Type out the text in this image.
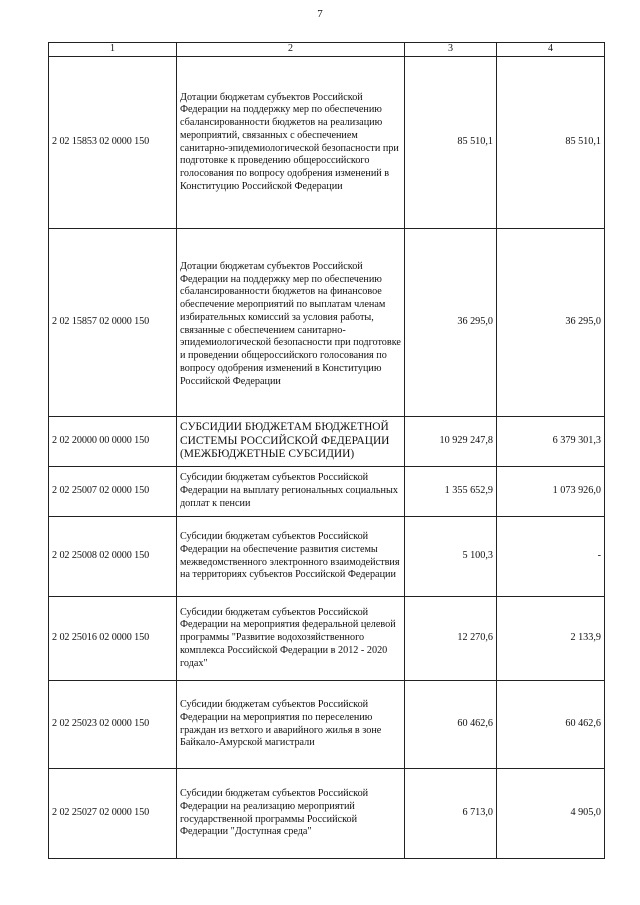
7
1	2	3	4
2 02 15853 02 0000 150	Дотации бюджетам субъектов Российской Федерации на поддержку мер по обеспечению сбалансированности бюджетов на реализацию мероприятий, связанных с обеспечением санитарно-эпидемиологической безопасности при подготовке к проведению общероссийского голосования по вопросу одобрения изменений в Конституцию Российской Федерации	85 510,1	85 510,1
2 02 15857 02 0000 150	Дотации бюджетам субъектов Российской Федерации на поддержку мер по обеспечению сбалансированности бюджетов на финансовое обеспечение мероприятий по выплатам членам избирательных комиссий за условия работы, связанные с обеспечением санитарно-эпидемиологической безопасности при подготовке и проведении общероссийского голосования по вопросу одобрения изменений в Конституцию Российской Федерации	36 295,0	36 295,0
2 02 20000 00 0000 150	СУБСИДИИ БЮДЖЕТАМ БЮДЖЕТНОЙ СИСТЕМЫ РОССИЙСКОЙ ФЕДЕРАЦИИ (МЕЖБЮДЖЕТНЫЕ СУБСИДИИ)	10 929 247,8	6 379 301,3
2 02 25007 02 0000 150	Субсидии бюджетам субъектов Российской Федерации на выплату региональных социальных доплат к пенсии	1 355 652,9	1 073 926,0
2 02 25008 02 0000 150	Субсидии бюджетам субъектов Российской Федерации на обеспечение развития системы межведомственного электронного взаимодействия на территориях субъектов Российской Федерации	5 100,3	-
2 02 25016 02 0000 150	Субсидии бюджетам субъектов Российской Федерации на мероприятия федеральной целевой программы "Развитие водохозяйственного комплекса Российской Федерации в 2012 - 2020 годах"	12 270,6	2 133,9
2 02 25023 02 0000 150	Субсидии бюджетам субъектов Российской Федерации на мероприятия по переселению граждан из ветхого и аварийного жилья в зоне Байкало-Амурской магистрали	60 462,6	60 462,6
2 02 25027 02 0000 150	Субсидии бюджетам субъектов Российской Федерации на реализацию мероприятий государственной программы Российской Федерации "Доступная среда"	6 713,0	4 905,0
